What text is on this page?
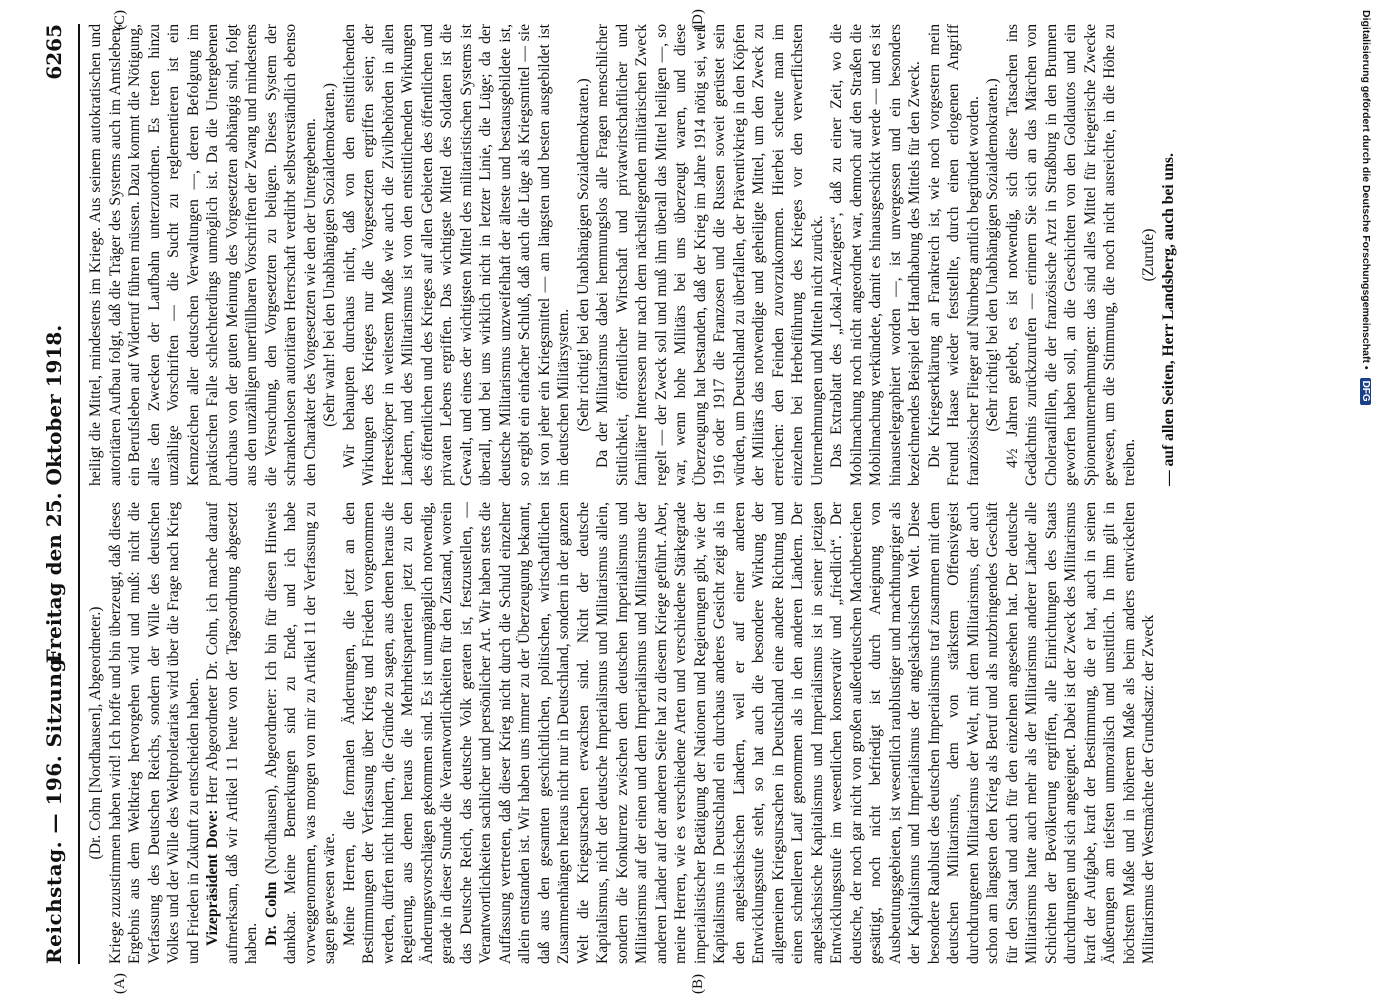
Reichstag. — 196. Sitzung.
Freitag den 25. Oktober 1918.
6265
(A)	(B)
(C)	(D)

(Dr. Cohn [Nordhausen], Abgeordneter.) Kriege zuzustimmen haben wird! Ich hoffe und bin überzeugt, daß dieses Ergebnis aus dem Weltkrieg hervorgehen wird und muß: nicht die Verfassung des Deutschen Reichs, sondern der Wille des deutschen Volkes und der Wille des Weltproletariats wird über die Frage nach Krieg und Frieden in Zukunft zu entscheiden haben. Vizepräsident Dove: Herr Abgeordneter Dr. Cohn, ich mache darauf aufmerksam, daß wir Artikel 11 heute von der Tagesordnung abgesetzt haben. Dr. Cohn (Nordhausen), Abgeordneter: Ich bin für diesen Hinweis dankbar. Meine Bemerkungen sind zu Ende, und ich habe vorweggenommen, was morgen von mir zu Artikel 11 der Verfassung zu sagen gewesen wäre. Meine Herren, die formalen Änderungen, die jetzt an den Bestimmungen der Verfassung über Krieg und Frieden vorgenommen werden, dürfen nicht hindern, die Gründe zu sagen, aus denen heraus die Regierung, aus denen heraus die Mehrheitsparteien jetzt zu den Änderungsvorschlägen gekommen sind. Es ist unumgänglich notwendig, gerade in dieser Stunde die Verantwortlichkeiten für den Zustand, worein das Deutsche Reich, das deutsche Volk geraten ist, festzustellen, — Verantwortlichkeiten sachlicher und persönlicher Art. Wir haben stets die Auffassung vertreten, daß dieser Krieg nicht durch die Schuld einzelner allein entstanden ist. Wir haben uns immer zu der Überzeugung bekannt, daß aus den gesamten geschichtlichen, politischen, wirtschaftlichen Zusammenhängen heraus nicht nur in Deutschland, sondern in der ganzen Welt die Kriegsursachen erwachsen sind. Nicht der deutsche Kapitalismus, nicht der deutsche Imperialismus und Militarismus allein, sondern die Konkurrenz zwischen dem deutschen Imperialismus und Militarismus auf der einen und dem Imperialismus und Militarismus der anderen Länder auf der anderen Seite hat zu diesem Kriege geführt. Aber, meine Herren, wie es verschiedene Arten und verschiedene Stärkegrade imperialistischer Betätigung der Nationen und Regierungen gibt, wie der Kapitalismus in Deutschland ein durchaus anderes Gesicht zeigt als in den angelsächsischen Ländern, weil er auf einer anderen Entwicklungsstufe steht, so hat auch die besondere Wirkung der allgemeinen Kriegsursachen in Deutschland eine andere Richtung und einen schnelleren Lauf genommen als in den anderen Ländern. Der angelsächsische Kapitalismus und Imperialismus ist in seiner jetzigen Entwicklungsstufe im wesentlichen konservativ und „friedlich“. Der deutsche, der noch gar nicht von großen außerdeutschen Machtbereichen gesättigt, noch nicht befriedigt ist durch Aneignung von Ausbeutungsgebieten, ist wesentlich raublustiger und machthungriger als der Kapitalismus und Imperialismus der angelsächsischen Welt. Diese besondere Raublust des deutschen Imperialismus traf zusammen mit dem deutschen Militarismus, dem von stärkstem Offensivgeist durchdrungenen Militarismus der Welt, mit dem Militarismus, der auch schon am längsten den Krieg als Beruf und als nutzbringendes Geschäft für den Staat und auch für den einzelnen angesehen hat. Der deutsche Militarismus hatte auch mehr als der Militarismus anderer Länder alle Schichten der Bevölkerung ergriffen, alle Einrichtungen des Staats durchdrungen und sich angeeignet. Dabei ist der Zweck des Militarismus kraft der Aufgabe, kraft der Bestimmung, die er hat, auch in seinen Äußerungen am tiefsten unmoralisch und unsittlich. In ihm gilt in höchstem Maße und in höherem Maße als beim anders entwickelten Militarismus der Westmächte der Grundsatz: der Zweck

heiligt die Mittel, mindestens im Kriege. Aus seinem autokratischen und autoritären Aufbau folgt, daß die Träger des Systems auch im Amtsleben, ein Berufsleben auf Widerruf führen müssen. Dazu kommt die Nötigung, alles den Zwecken der Laufbahn unterzuordnen. Es treten hinzu unzählige Vorschriften — die Sucht zu reglementieren ist ein Kennzeichen aller deutschen Verwaltungen —, deren Befolgung im praktischen Falle schlechterdings unmöglich ist. Da die Untergebenen durchaus von der guten Meinung des Vorgesetzten abhängig sind, folgt aus den unzähligen unerfüllbaren Vorschriften der Zwang und mindestens die Versuchung, den Vorgesetzten zu belügen. Dieses System der schrankenlosen autoritären Herrschaft verdirbt selbstverständlich ebenso den Charakter des Vorgesetzten wie den der Untergebenen. (Sehr wahr! bei den Unabhängigen Sozialdemokraten.) Wir behaupten durchaus nicht, daß von den entsittlichenden Wirkungen des Krieges nur die Vorgesetzten ergriffen seien; der Heereskörper in weitestem Maße wie auch die Zivilbehörden in allen Ländern, und des Militarismus ist von den entsittlichenden Wirkungen des öffentlichen und des Krieges auf allen Gebieten des öffentlichen und privaten Lebens ergriffen. Das wichtigste Mittel des Soldaten ist die Gewalt, und eines der wichtigsten Mittel des militaristischen Systems ist überall, und bei uns wirklich nicht in letzter Linie, die Lüge; da der deutsche Militarismus unzweifelhaft der älteste und bestausgebildete ist, so ergibt ein einfacher Schluß, daß auch die Lüge als Kriegsmittel — sie ist von jeher ein Kriegsmittel — am längsten und besten ausgebildet ist im deutschen Militärsystem. (Sehr richtig! bei den Unabhängigen Sozialdemokraten.) Da der Militarismus dabei hemmungslos alle Fragen menschlicher Sittlichkeit, öffentlicher Wirtschaft und privatwirtschaftlicher und familiärer Interessen nur nach dem nächstliegenden militärischen Zweck regelt — der Zweck soll und muß ihm überall das Mittel heiligen —, so war, wenn hohe Militärs bei uns überzeugt waren, und diese Überzeugung hat bestanden, daß der Krieg im Jahre 1914 nötig sei, weil 1916 oder 1917 die Franzosen und die Russen soweit gerüstet sein würden, um Deutschland zu überfallen, der Präventivkrieg in den Köpfen der Militärs das notwendige und geheiligte Mittel, um den Zweck zu erreichen: den Feinden zuvorzukommen. Hierbei scheute man im einzelnen bei Herbeiführung des Krieges vor den verwerflichsten Unternehmungen und Mitteln nicht zurück. Das Extrablatt des „Lokal-Anzeigers“, daß zu einer Zeit, wo die Mobilmachung noch nicht angeordnet war, dennoch auf den Straßen die Mobilmachung verkündete, damit es hinausgeschickt werde — und es ist hinaustelegraphiert worden —, ist unvergessen und ein besonders bezeichnendes Beispiel der Handhabung des Mittels für den Zweck. Die Kriegserklärung an Frankreich ist, wie noch vorgestern mein Freund Haase wieder feststellte, durch einen erlogenen Angriff französischer Flieger auf Nürnberg amtlich begründet worden. (Sehr richtig! bei den Unabhängigen Sozialdemokraten.) 4½ Jahren gelebt, es ist notwendig, sich diese Tatsachen ins Gedächtnis zurückzurufen — erinnern Sie sich an das Märchen von Choleraalfillen, die der französische Arzt in Straßburg in den Brunnen geworfen haben soll, an die Geschichten von den Goldautos und ein Spionenunternehmungen: das sind alles Mittel für kriegerische Zwecke gewesen, um die Stimmung, die noch nicht ausreichte, in die Höhe zu treiben.

(Zurufe) — auf allen Seiten, Herr Landsberg, auch bei uns.	Digitalisierung gefördert durch die Deutsche Forschungsgemeinschaft •DFG
